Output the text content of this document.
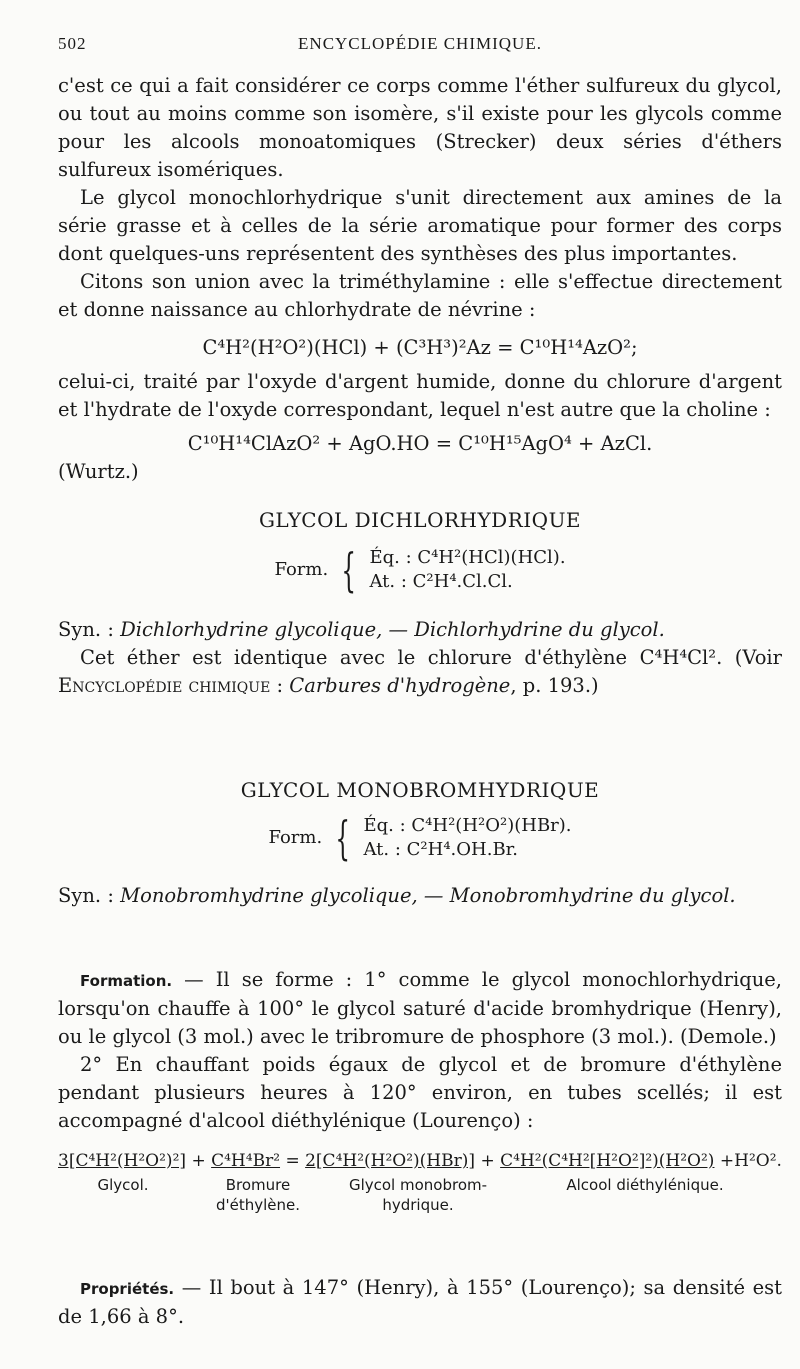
502	ENCYCLOPÉDIE CHIMIQUE.

c'est ce qui a fait considérer ce corps comme l'éther sulfureux du glycol, ou tout au moins comme son isomère, s'il existe pour les glycols comme pour les alcools monoatomiques (Strecker) deux séries d'éthers sulfureux isomériques.

Le glycol monochlorhydrique s'unit directement aux amines de la série grasse et à celles de la série aromatique pour former des corps dont quelques-uns représentent des synthèses des plus importantes.

Citons son union avec la triméthylamine : elle s'effectue directement et donne naissance au chlorhydrate de névrine :

C⁴H²(H²O²)(HCl) + (C³H³)²Az = C¹⁰H¹⁴AzO²;

celui-ci, traité par l'oxyde d'argent humide, donne du chlorure d'argent et l'hydrate de l'oxyde correspondant, lequel n'est autre que la choline :

C¹⁰H¹⁴ClAzO² + AgO.HO = C¹⁰H¹⁵AgO⁴ + AzCl.

(Wurtz.)

GLYCOL DICHLORHYDRIQUE
Form. { Éq. : C⁴H²(HCl)(HCl).
At. : C²H⁴.Cl.Cl.

Syn. : Dichlorhydrine glycolique, — Dichlorhydrine du glycol.

Cet éther est identique avec le chlorure d'éthylène C⁴H⁴Cl². (Voir Encyclopédie chimique : Carbures d'hydrogène, p. 193.)

GLYCOL MONOBROMHYDRIQUE
Form. { Éq. : C⁴H²(H²O²)(HBr).
At. : C²H⁴.OH.Br.

Syn. : Monobromhydrine glycolique, — Monobromhydrine du glycol.

Formation. — Il se forme : 1° comme le glycol monochlorhydrique, lorsqu'on chauffe à 100° le glycol saturé d'acide bromhydrique (Henry), ou le glycol (3 mol.) avec le tribromure de phosphore (3 mol.). (Demole.)

2° En chauffant poids égaux de glycol et de bromure d'éthylène pendant plusieurs heures à 120° environ, en tubes scellés; il est accompagné d'alcool diéthylénique (Lourenço) :

3[C⁴H²(H²O²)²] + C⁴H⁴Br² = 2[C⁴H²(H²O²)(HBr)] + C⁴H²(C⁴H²[H²O²]²)(H²O²) +H²O².
Glycol.	Bromure
d'éthylène.
Glycol monobrom-
hydrique.
Alcool diéthylénique.

Propriétés. — Il bout à 147° (Henry), à 155° (Lourenço); sa densité est de 1,66 à 8°.
